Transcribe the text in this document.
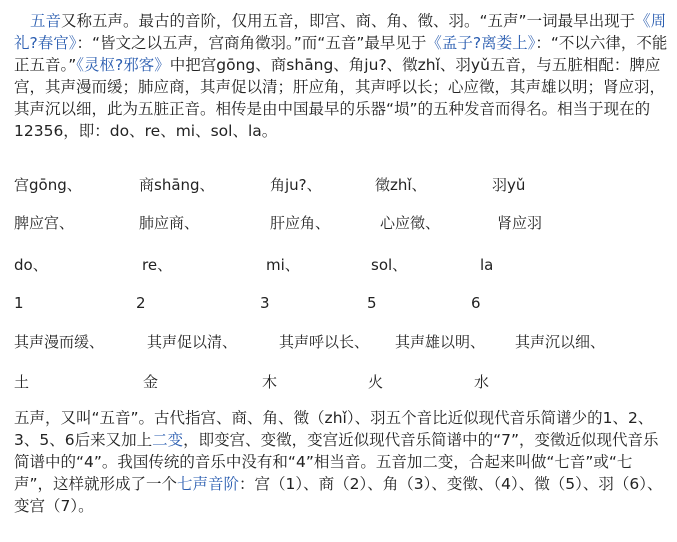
五音又称五声。最古的音阶，仅用五音，即宫、商、角、徵、羽。“五声”一词最早出现于《周礼?春官》：“皆文之以五声，宫商角徵羽。”而“五音”最早见于《孟子?离娄上》：“不以六律，不能正五音。”《灵枢?邪客》中把宫gōng、商shāng、角ju?、徵zhǐ、羽yǔ五音，与五脏相配：脾应宫，其声漫而缓；肺应商，其声促以清；肝应角，其声呼以长；心应徵，其声雄以明；肾应羽，其声沉以细，此为五脏正音。相传是由中国最早的乐器“埙”的五种发音而得名。相当于现在的12356，即：do、re、mi、sol、la。

宫gōng、	商shāng、	角ju?、	徵zhǐ、	羽yǔ
脾应宫、	肺应商、	肝应角、	心应徵、	肾应羽
do、	re、	mi、	sol、	la
1	2	3	5	6
其声漫而缓、	其声促以清、	其声呼以长、 其声雄以明、 其声沉以细、
土	金	木	火	水

五声，又叫“五音”。古代指宫、商、角、徵（zhǐ）、羽五个音比近似现代音乐简谱少的1、2、3、5、6后来又加上二变，即变宫、变徵，变宫近似现代音乐简谱中的“7”，变徵近似现代音乐简谱中的“4”。我国传统的音乐中没有和“4”相当音。五音加二变，合起来叫做“七音”或“七声”，这样就形成了一个七声音阶：宫（1）、商（2）、角（3）、变徵、（4）、徵（5）、羽（6）、变宫（7）。
